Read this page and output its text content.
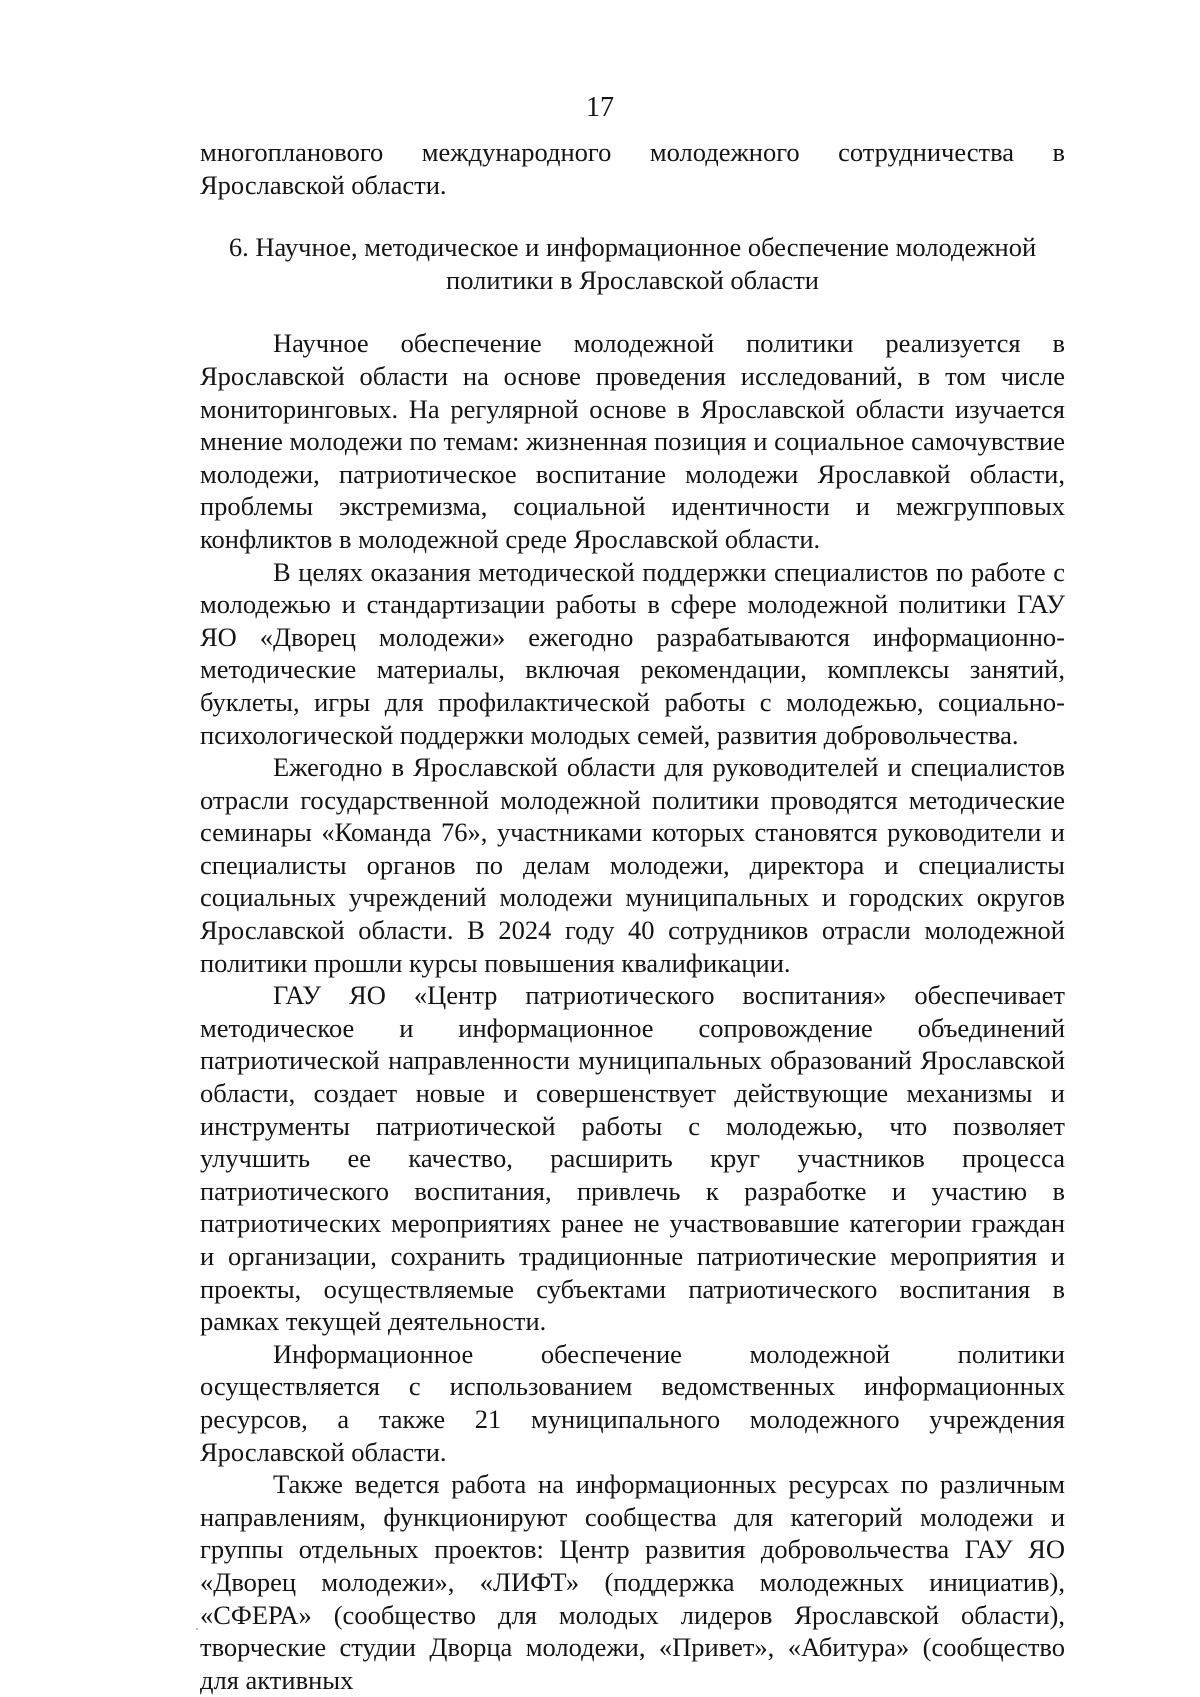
17

многопланового международного молодежного сотрудничества в Ярославской области.

6. Научное, методическое и информационное обеспечение молодежной политики в Ярославской области

Научное обеспечение молодежной политики реализуется в Ярославской области на основе проведения исследований, в том числе мониторинговых. На регулярной основе в Ярославской области изучается мнение молодежи по темам: жизненная позиция и социальное самочувствие молодежи, патриотическое воспитание молодежи Ярославкой области, проблемы экстремизма, социальной идентичности и межгрупповых конфликтов в молодежной среде Ярославской области.

В целях оказания методической поддержки специалистов по работе с молодежью и стандартизации работы в сфере молодежной политики ГАУ ЯО «Дворец молодежи» ежегодно разрабатываются информационно-методические материалы, включая рекомендации, комплексы занятий, буклеты, игры для профилактической работы с молодежью, социально-психологической поддержки молодых семей, развития добровольчества.

Ежегодно в Ярославской области для руководителей и специалистов отрасли государственной молодежной политики проводятся методические семинары «Команда 76», участниками которых становятся руководители и специалисты органов по делам молодежи, директора и специалисты социальных учреждений молодежи муниципальных и городских округов Ярославской области. В 2024 году 40 сотрудников отрасли молодежной политики прошли курсы повышения квалификации.

ГАУ ЯО «Центр патриотического воспитания» обеспечивает методическое и информационное сопровождение объединений патриотической направленности муниципальных образований Ярославской области, создает новые и совершенствует действующие механизмы и инструменты патриотической работы с молодежью, что позволяет улучшить ее качество, расширить круг участников процесса патриотического воспитания, привлечь к разработке и участию в патриотических мероприятиях ранее не участвовавшие категории граждан и организации, сохранить традиционные патриотические мероприятия и проекты, осуществляемые субъектами патриотического воспитания в рамках текущей деятельности.

Информационное обеспечение молодежной политики осуществляется с использованием ведомственных информационных ресурсов, а также 21 муниципального молодежного учреждения Ярославской области.

Также ведется работа на информационных ресурсах по различным направлениям, функционируют сообщества для категорий молодежи и группы отдельных проектов: Центр развития добровольчества ГАУ ЯО «Дворец молодежи», «ЛИФТ» (поддержка молодежных инициатив), «СФЕРА» (сообщество для молодых лидеров Ярославской области), творческие студии Дворца молодежи, «Привет», «Абитура» (сообщество для активных
